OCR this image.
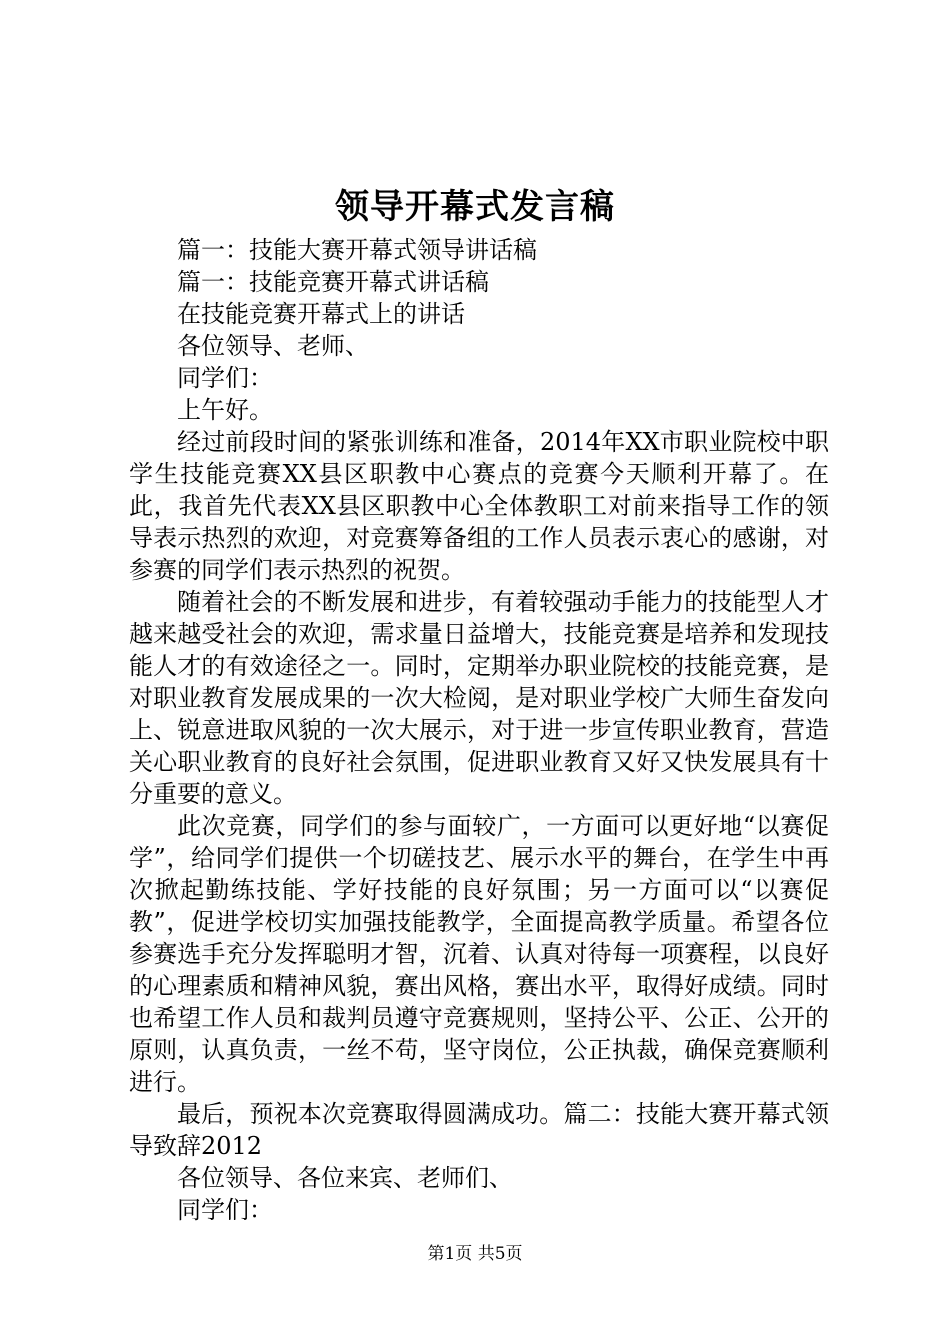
领导开幕式发言稿
篇一：技能大赛开幕式领导讲话稿
篇一：技能竞赛开幕式讲话稿
在技能竞赛开幕式上的讲话
各位领导、老师、
同学们：
上午好。

经过前段时间的紧张训练和准备，2014年XX市职业院校中职学生技能竞赛XX县区职教中心赛点的竞赛今天顺利开幕了。在此，我首先代表XX县区职教中心全体教职工对前来指导工作的领导表示热烈的欢迎，对竞赛筹备组的工作人员表示衷心的感谢，对参赛的同学们表示热烈的祝贺。

随着社会的不断发展和进步，有着较强动手能力的技能型人才越来越受社会的欢迎，需求量日益增大，技能竞赛是培养和发现技能人才的有效途径之一。同时，定期举办职业院校的技能竞赛，是对职业教育发展成果的一次大检阅，是对职业学校广大师生奋发向上、锐意进取风貌的一次大展示，对于进一步宣传职业教育，营造关心职业教育的良好社会氛围，促进职业教育又好又快发展具有十分重要的意义。

此次竞赛，同学们的参与面较广，一方面可以更好地“以赛促学”，给同学们提供一个切磋技艺、展示水平的舞台，在学生中再次掀起勤练技能、学好技能的良好氛围；另一方面可以“以赛促教”，促进学校切实加强技能教学，全面提高教学质量。希望各位参赛选手充分发挥聪明才智，沉着、认真对待每一项赛程，以良好的心理素质和精神风貌，赛出风格，赛出水平，取得好成绩。同时也希望工作人员和裁判员遵守竞赛规则，坚持公平、公正、公开的原则，认真负责，一丝不苟，坚守岗位，公正执裁，确保竞赛顺利进行。

最后，预祝本次竞赛取得圆满成功。篇二：技能大赛开幕式领导致辞2012

各位领导、各位来宾、老师们、
同学们：
第1页 共5页
